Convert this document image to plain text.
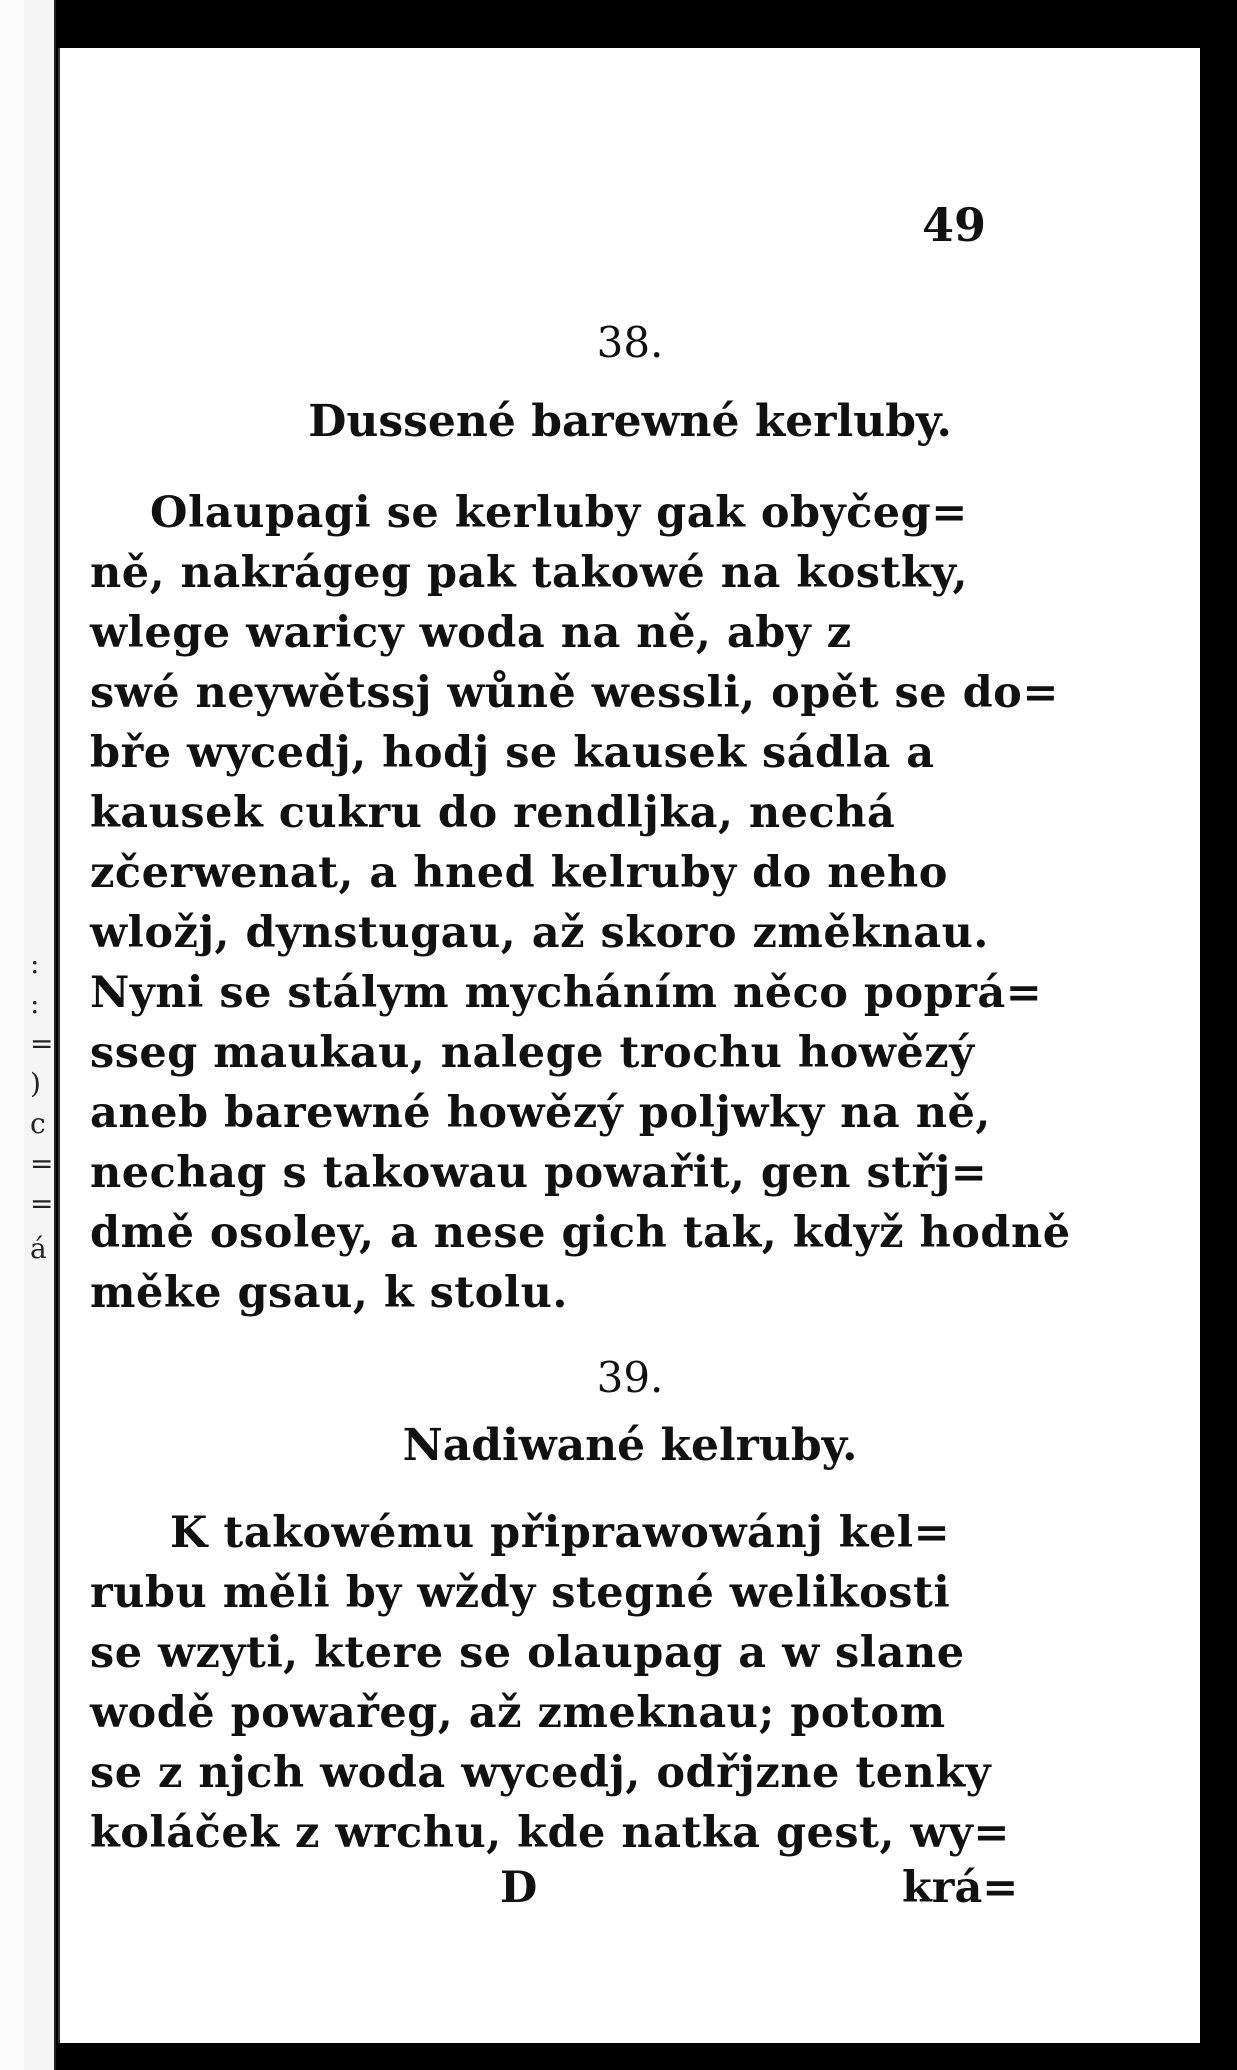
:
:
=
)
c
=
=
á
49
38.
Dussené barewné kerluby.
Olaupagi se kerluby gak obyčeg=
ně, nakrágeg pak takowé na kostky,
wlege waricy woda na ně, aby z
swé neywětssj wůně wessli, opět se do=
bře wycedj, hodj se kausek sádla a
kausek cukru do rendljka, nechá
zčerwenat, a hned kelruby do neho
wložj, dynstugau, až skoro změknau.
Nyni se stálym mycháním něco poprá=
sseg maukau, nalege trochu howězý
aneb barewné howězý poljwky na ně,
nechag s takowau powařit, gen střj=
dmě osoley, a nese gich tak, když hodně
měke gsau, k stolu.
39.
Nadiwané kelruby.
K takowému připrawowánj kel=
rubu měli by wždy stegné welikosti
se wzyti, ktere se olaupag a w slane
wodě powařeg, až zmeknau; potom
se z njch woda wycedj, odřjzne tenky
koláček z wrchu, kde natka gest, wy=
D	krá=
